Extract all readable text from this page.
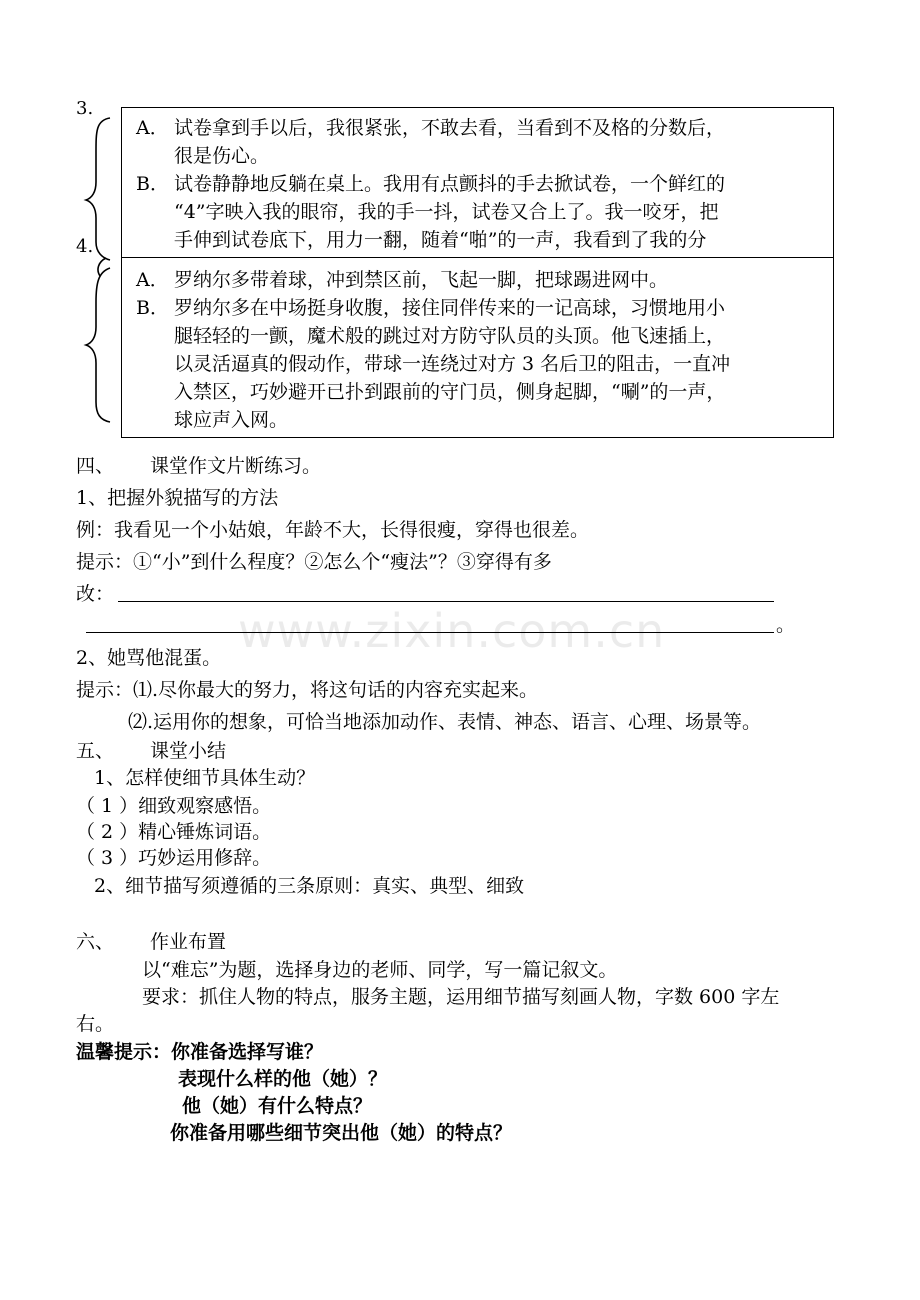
www.zixin.com.cn
3.
4.
A． 试卷拿到手以后，我很紧张，不敢去看，当看到不及格的分数后，
很是伤心。
B． 试卷静静地反躺在桌上。我用有点颤抖的手去掀试卷，一个鲜红的
“4”字映入我的眼帘，我的手一抖，试卷又合上了。我一咬牙，把
手伸到试卷底下，用力一翻，随着“啪”的一声，我看到了我的分
A． 罗纳尔多带着球，冲到禁区前，飞起一脚，把球踢进网中。
B． 罗纳尔多在中场挺身收腹，接住同伴传来的一记高球，习惯地用小
腿轻轻的一颤，魔术般的跳过对方防守队员的头顶。他飞速插上，
以灵活逼真的假动作，带球一连绕过对方 3 名后卫的阻击，一直冲
入禁区，巧妙避开已扑到跟前的守门员，侧身起脚，“唰”的一声，
球应声入网。
四、 课堂作文片断练习。
1、把握外貌描写的方法
例：我看见一个小姑娘，年龄不大，长得很瘦，穿得也很差。
提示：①“小”到什么程度？②怎么个“瘦法”？③穿得有多
改：
。
2、她骂他混蛋。
提示：⑴.尽你最大的努力，将这句话的内容充实起来。
⑵.运用你的想象，可恰当地添加动作、表情、神态、语言、心理、场景等。
五、 课堂小结
1、怎样使细节具体生动？
（ 1 ）细致观察感悟。
（ 2 ）精心锤炼词语。
（ 3 ）巧妙运用修辞。
2、细节描写须遵循的三条原则：真实、典型、细致
六、 作业布置
以“难忘”为题，选择身边的老师、同学，写一篇记叙文。
要求：抓住人物的特点，服务主题，运用细节描写刻画人物，字数 600 字左
右。
温馨提示：你准备选择写谁？
表现什么样的他（她）？
他（她）有什么特点？
你准备用哪些细节突出他（她）的特点？
